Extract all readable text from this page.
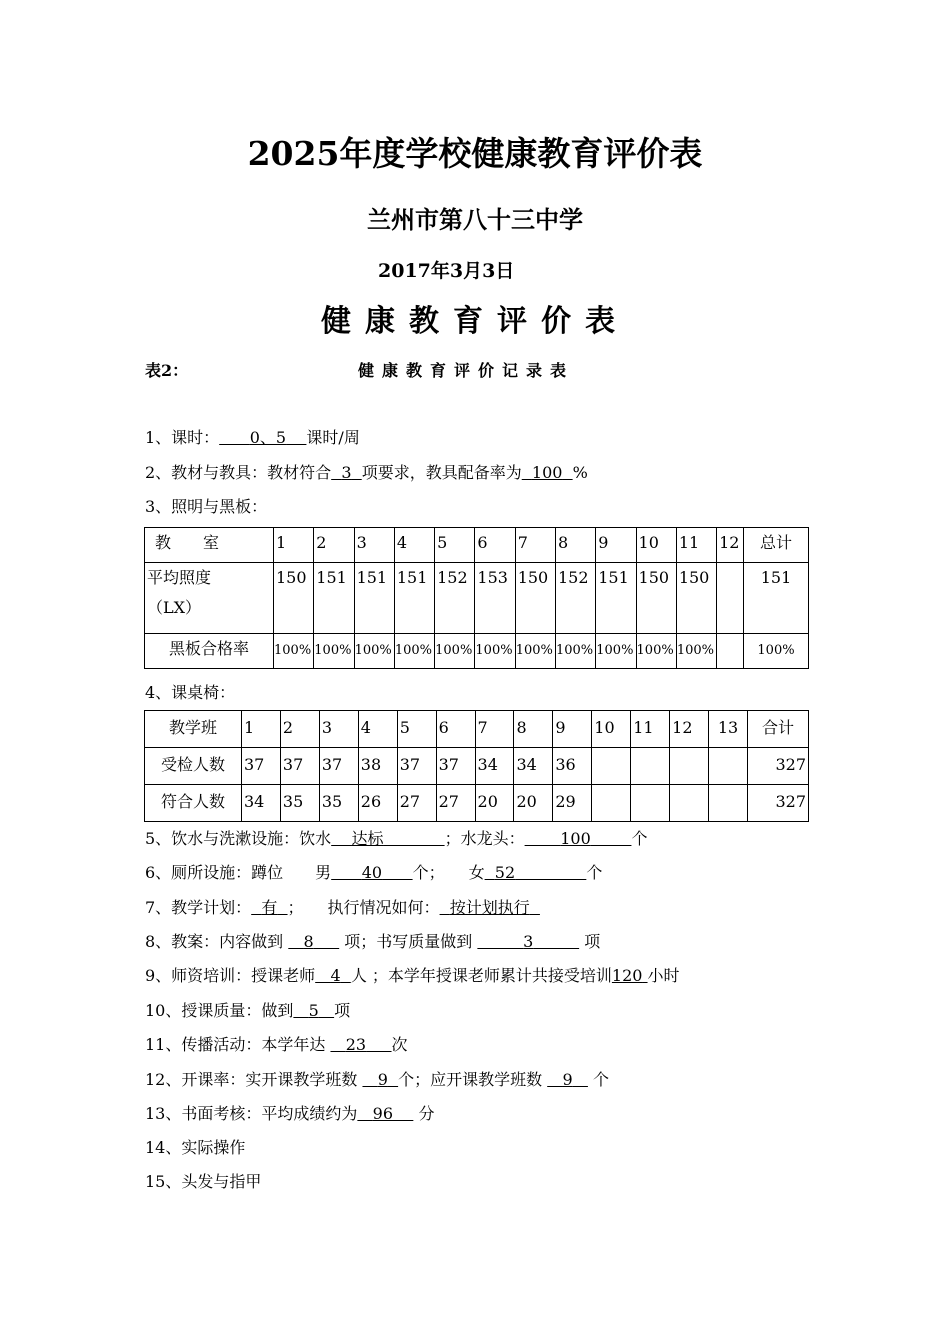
2025年度学校健康教育评价表
兰州市第八十三中学
2017年3月3日
健康教育评价表
表2：	健康教育评价记录表
1、课时： 0、5 课时/周
2、教材与教具：教材符合 3 项要求，教具配备率为 100 %
3、照明与黑板：
教　　室	1	2	3	4	5	6	7	8	9	10	11	12	总计
平均照度
（LX）	150	151	151	151	152	153	150	152	151	150	150		151
黑板合格率	100%	100%	100%	100%	100%	100%	100%	100%	100%	100%	100%		100%
4、课桌椅：
教学班	1	2	3	4	5	6	7	8	9	10	11	12	13	合计
受检人数	37	37	37	38	37	37	34	34	36					327
符合人数	34	35	35	26	27	27	20	20	29					327
5、饮水与洗漱设施：饮水 达标	；水龙头： 100	个
6、厕所设施：蹲位　　男 40 个；　　女 52	个
7、教学计划： 有 ；　　执行情况如何： 按计划执行
8、教案：内容做到 8 项；书写质量做到	3	项
9、师资培训：授课老师 4 人 ；本学年授课老师累计共接受培训120 小时
10、授课质量：做到 5 项
11、传播活动：本学年达 23 次
12、开课率：实开课教学班数 9 个；应开课教学班数 9 个
13、书面考核：平均成绩约为 96 分
14、实际操作
15、头发与指甲
